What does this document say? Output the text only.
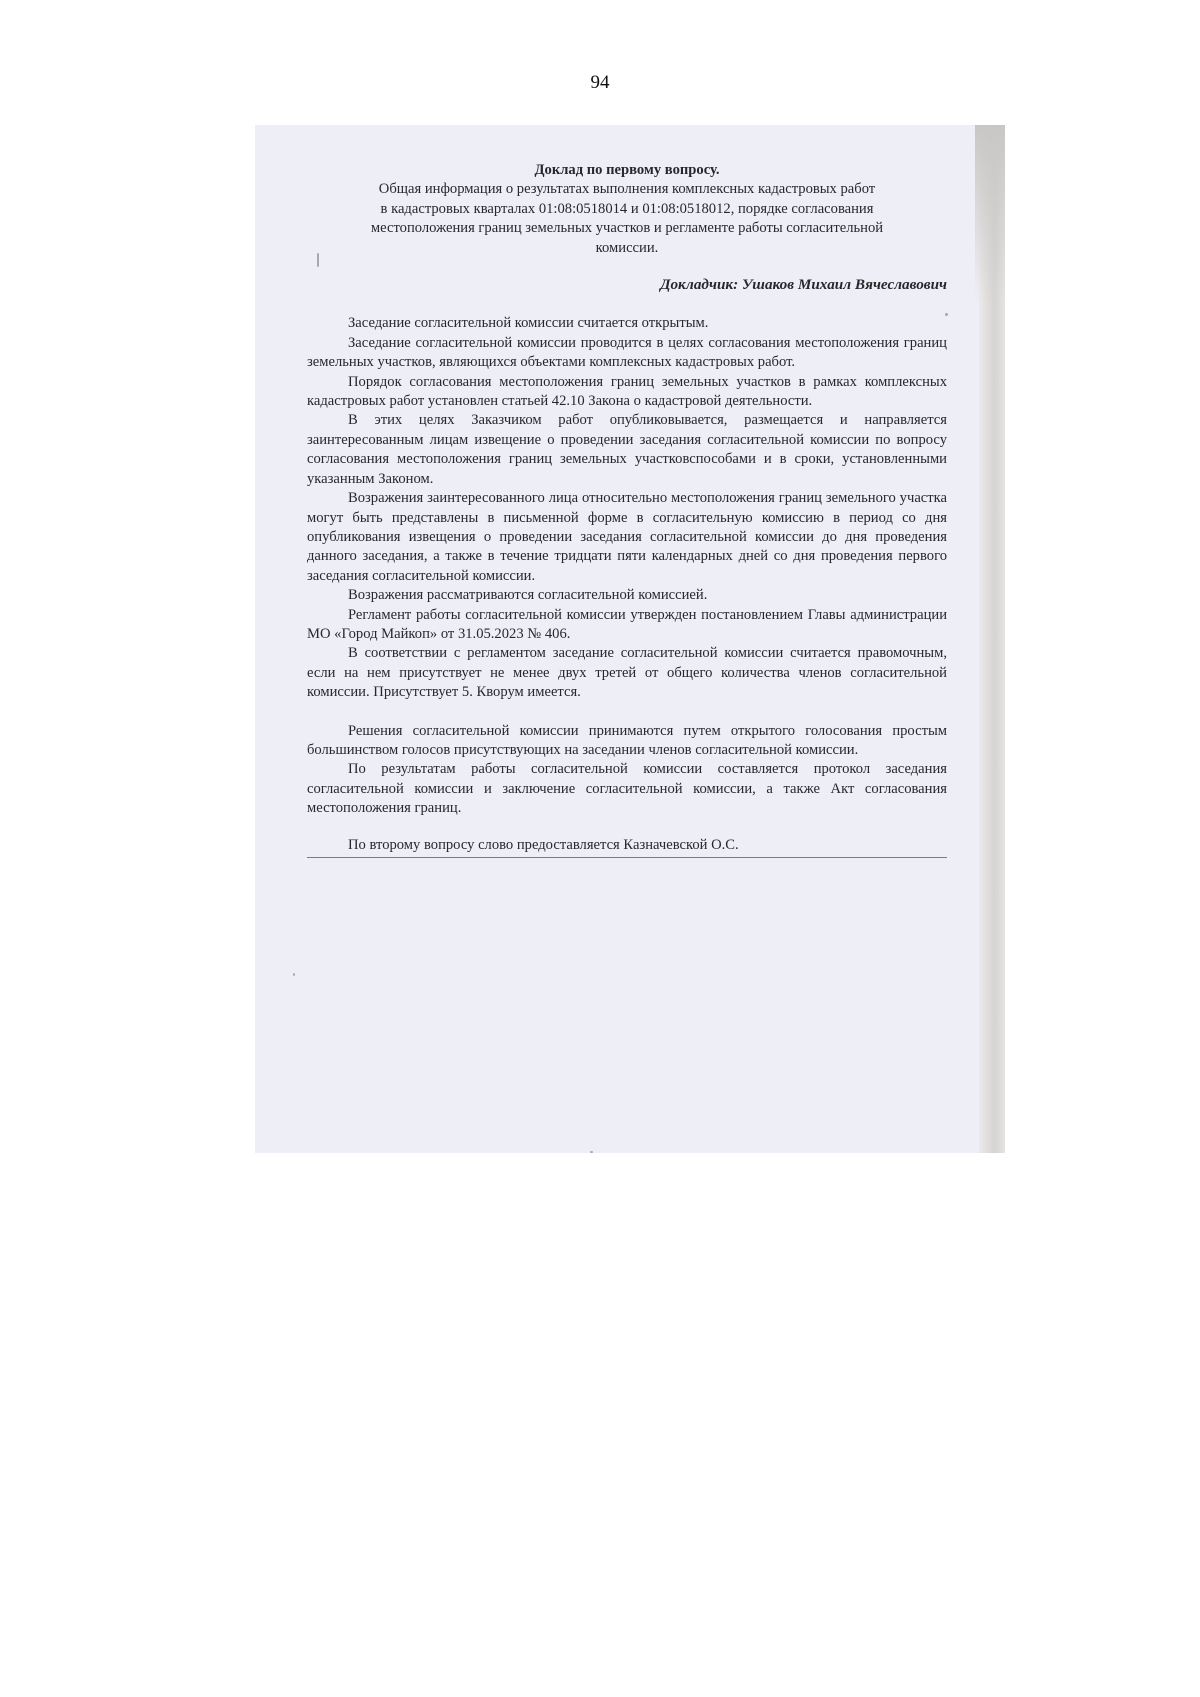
94
Доклад по первому вопросу.

Общая информация о результатах выполнения комплексных кадастровых работ

в кадастровых кварталах 01:08:0518014 и 01:08:0518012, порядке согласования

местоположения границ земельных участков и регламенте работы согласительной

комиссии.

Докладчик: Ушаков Михаил Вячеславович

Заседание согласительной комиссии считается открытым.

Заседание согласительной комиссии проводится в целях согласования местоположения границ земельных участков, являющихся объектами комплексных кадастровых работ.

Порядок согласования местоположения границ земельных участков в рамках комплексных кадастровых работ установлен статьей 42.10 Закона о кадастровой деятельности.

В этих целях Заказчиком работ опубликовывается, размещается и направляется заинтересованным лицам извещение о проведении заседания согласительной комиссии по вопросу согласования местоположения границ земельных участковспособами и в сроки, установленными указанным Законом.

Возражения заинтересованного лица относительно местоположения границ земельного участка могут быть представлены в письменной форме в согласительную комиссию в период со дня опубликования извещения о проведении заседания согласительной комиссии до дня проведения данного заседания, а также в течение тридцати пяти календарных дней со дня проведения первого заседания согласительной комиссии.

Возражения рассматриваются согласительной комиссией.

Регламент работы согласительной комиссии утвержден постановлением Главы администрации МО «Город Майкоп» от 31.05.2023 № 406.

В соответствии с регламентом заседание согласительной комиссии считается правомочным, если на нем присутствует не менее двух третей от общего количества членов согласительной комиссии. Присутствует 5. Кворум имеется.

Решения согласительной комиссии принимаются путем открытого голосования простым большинством голосов присутствующих на заседании членов согласительной комиссии.

По результатам работы согласительной комиссии составляется протокол заседания согласительной комиссии и заключение согласительной комиссии, а также Акт согласования местоположения границ.

По второму вопросу слово предоставляется Казначевской О.С.
